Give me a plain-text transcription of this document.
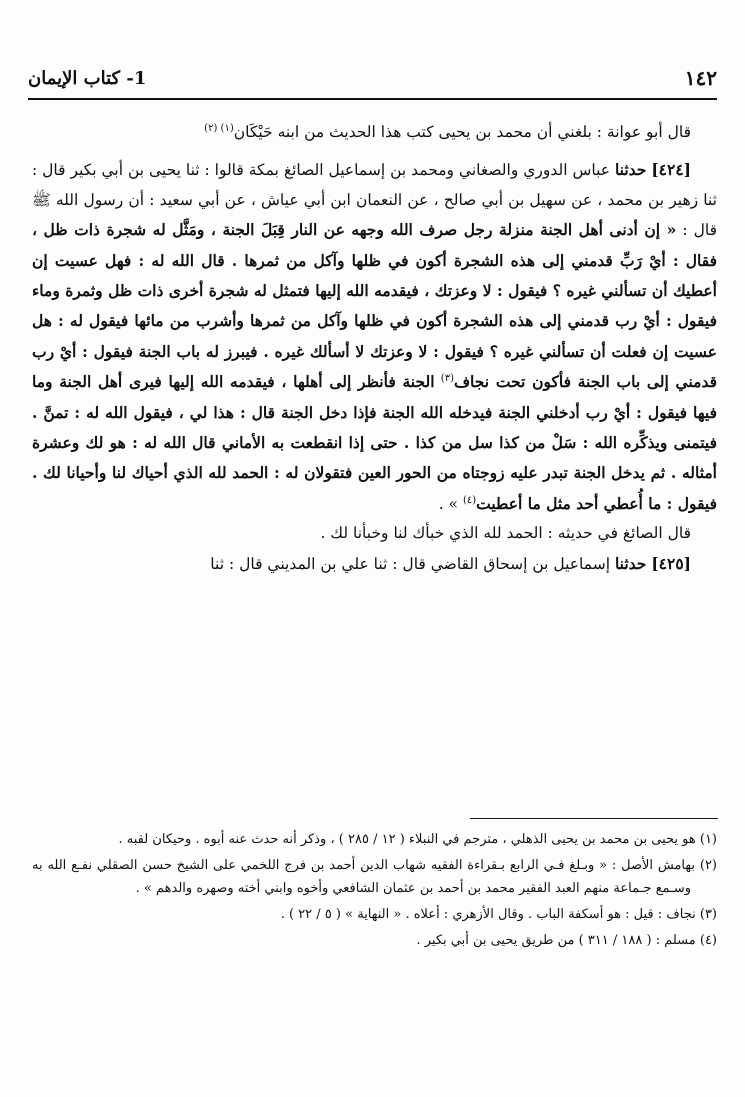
١٤٢
1- كتاب الإيمان

قال أبو عوانة : بلغني أن محمد بن يحيى كتب هذا الحديث من ابنه حَيْكَان$^{(١) (٢)}$

[٤٢٤] حدثنا عباس الدوري والصغاني ومحمد بن إسماعيل الصائغ بمكة قالوا : ثنا يحيى بن أبي بكير قال : ثنا زهير بن محمد ، عن سهيل بن أبي صالح ، عن النعمان ابن أبي عياش ، عن أبي سعيد : أن رسول الله ﷺ قال : « إن أدنى أهل الجنة منزلة رجل صرف الله وجهه عن النار قِبَلَ الجنة ، ومَثَّل له شجرة ذات ظل ، فقال : أيْ رَبِّ قدمني إلى هذه الشجرة أكون في ظلها وآكل من ثمرها . قال الله له : فهل عسيت إن أعطيك أن تسألني غيره ؟ فيقول : لا وعزتك ، فيقدمه الله إليها فتمثل له شجرة أخرى ذات ظل وثمرة وماء فيقول : أيْ رب قدمني إلى هذه الشجرة أكون في ظلها وآكل من ثمرها وأشرب من مائها فيقول له : هل عسيت إن فعلت أن تسألني غيره ؟ فيقول : لا وعزتك لا أسألك غيره . فيبرز له باب الجنة فيقول : أيْ رب قدمني إلى باب الجنة فأكون تحت نجاف$^{(٣)}$ الجنة فأنظر إلى أهلها ، فيقدمه الله إليها فيرى أهل الجنة وما فيها فيقول : أيْ رب أدخلني الجنة فيدخله الله الجنة فإذا دخل الجنة قال : هذا لي ، فيقول الله له : تمنَّ . فيتمنى ويذكِّره الله : سَلْ من كذا سل من كذا . حتى إذا انقطعت به الأماني قال الله له : هو لك وعشرة أمثاله . ثم يدخل الجنة تبدر عليه زوجتاه من الحور العين فتقولان له : الحمد لله الذي أحياك لنا وأحيانا لك . فيقول : ما أُعطي أحد مثل ما أعطيت$^{(٤)}$ » .

قال الصائغ في حديثه : الحمد لله الذي خبأك لنا وخبأنا لك .

[٤٢٥] حدثنا إسماعيل بن إسحاق القاضي قال : ثنا علي بن المديني قال : ثنا

(١) هو يحيى بن محمد بن يحيى الذهلي ، مترجم في النبلاء ( ١٢ / ٢٨٥ ) ، وذكر أنه حدث عنه أبوه . وحيكان لقبه .

(٢) بهامش الأصل : « وبـلغ فـي الرابع بـقراءة الفقيه شهاب الدين أحمد بن فرج اللخمي على الشيخ حسن الصقلي نفـع الله به وسـمع جـماعة منهم العبد الفقير محمد بن أحمد بن عثمان الشافعي وأخوه وابني أخته وصهره والدهم » .

(٣) نجاف : قيل : هو أسكفة الباب . وقال الأزهري : أعلاه . « النهاية » ( ٥ / ٢٢ ) .

(٤) مسلم : ( ١٨٨ / ٣١١ ) من طريق يحيى بن أبي بكير .
